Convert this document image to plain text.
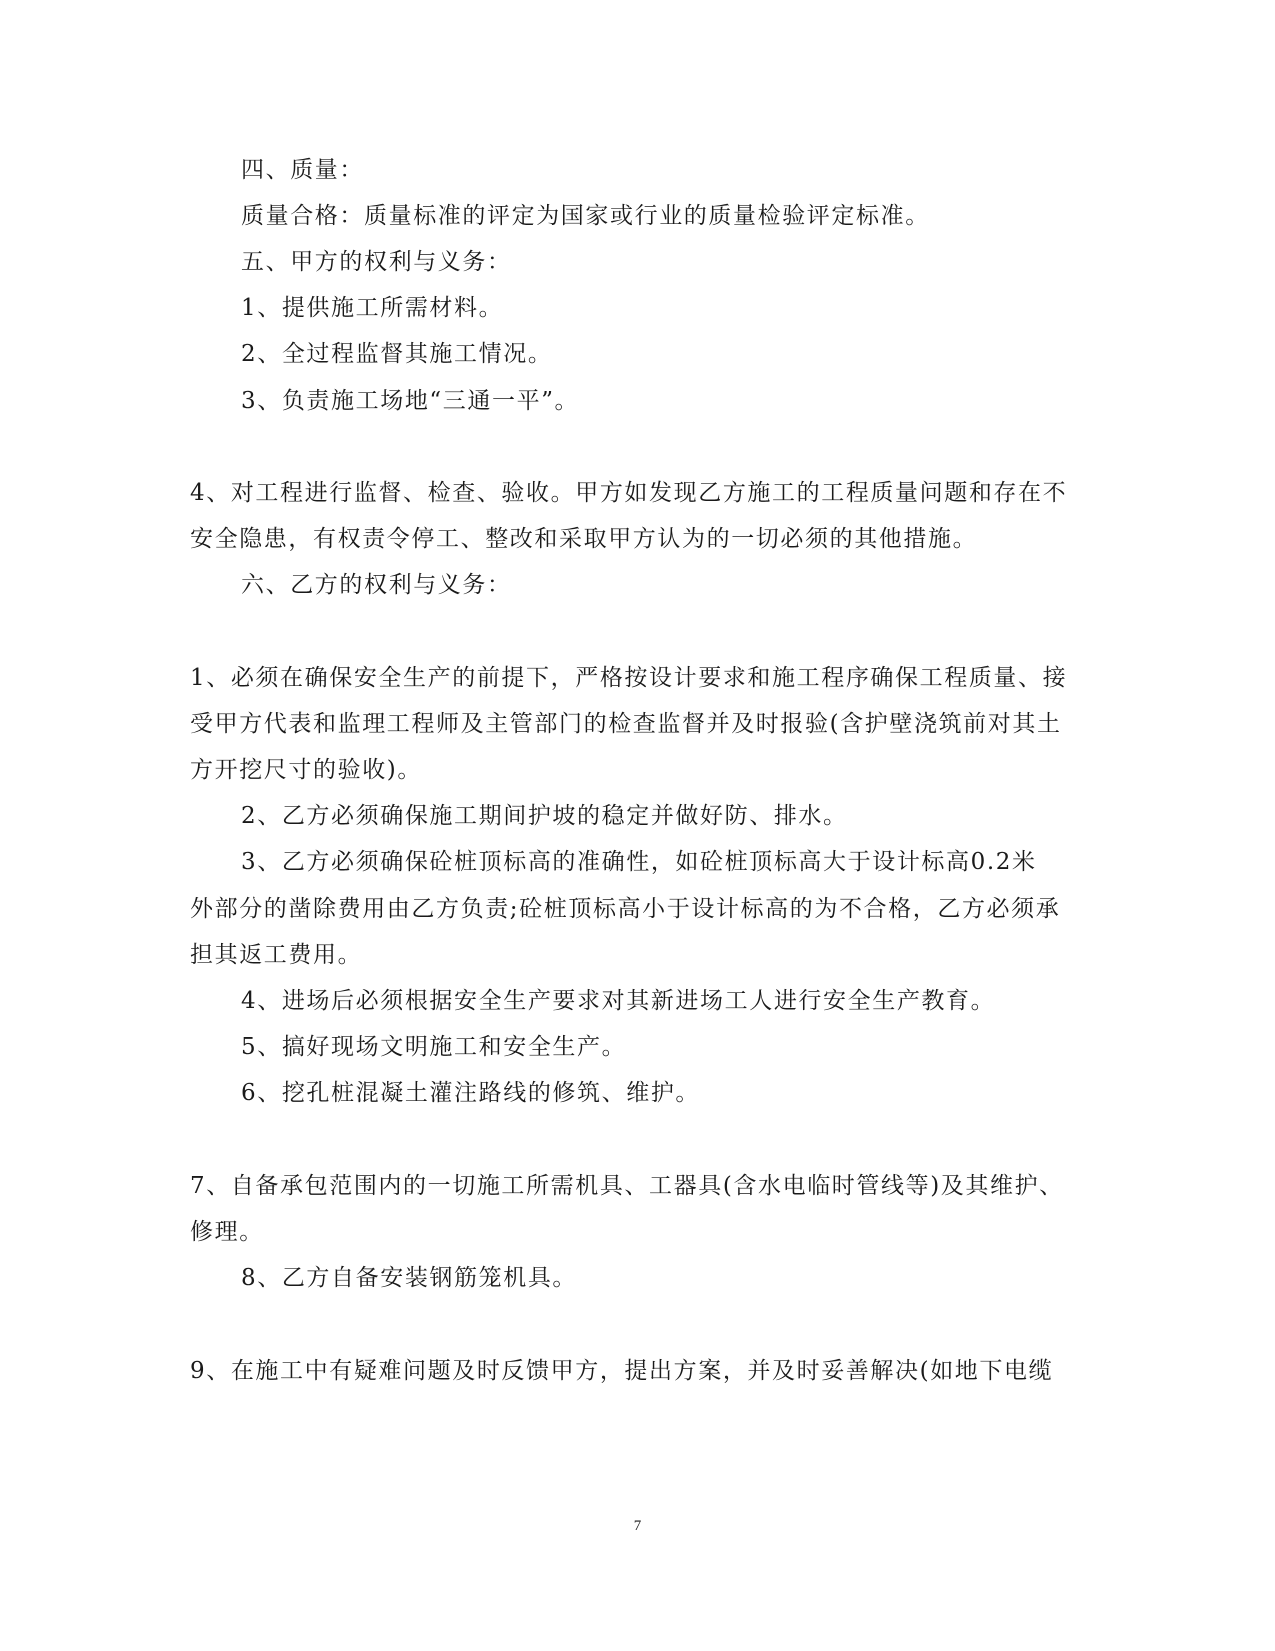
四、质量：
质量合格：质量标准的评定为国家或行业的质量检验评定标准。
五、甲方的权利与义务：
1、提供施工所需材料。
2、全过程监督其施工情况。
3、负责施工场地“三通一平”。
4、对工程进行监督、检查、验收。甲方如发现乙方施工的工程质量问题和存在不
安全隐患，有权责令停工、整改和采取甲方认为的一切必须的其他措施。
六、乙方的权利与义务：
1、必须在确保安全生产的前提下，严格按设计要求和施工程序确保工程质量、接
受甲方代表和监理工程师及主管部门的检查监督并及时报验(含护壁浇筑前对其土
方开挖尺寸的验收)。
2、乙方必须确保施工期间护坡的稳定并做好防、排水。
3、乙方必须确保砼桩顶标高的准确性，如砼桩顶标高大于设计标高0.2米
外部分的凿除费用由乙方负责;砼桩顶标高小于设计标高的为不合格，乙方必须承
担其返工费用。
4、进场后必须根据安全生产要求对其新进场工人进行安全生产教育。
5、搞好现场文明施工和安全生产。
6、挖孔桩混凝土灌注路线的修筑、维护。
7、自备承包范围内的一切施工所需机具、工器具(含水电临时管线等)及其维护、
修理。
8、乙方自备安装钢筋笼机具。
9、在施工中有疑难问题及时反馈甲方，提出方案，并及时妥善解决(如地下电缆
7
